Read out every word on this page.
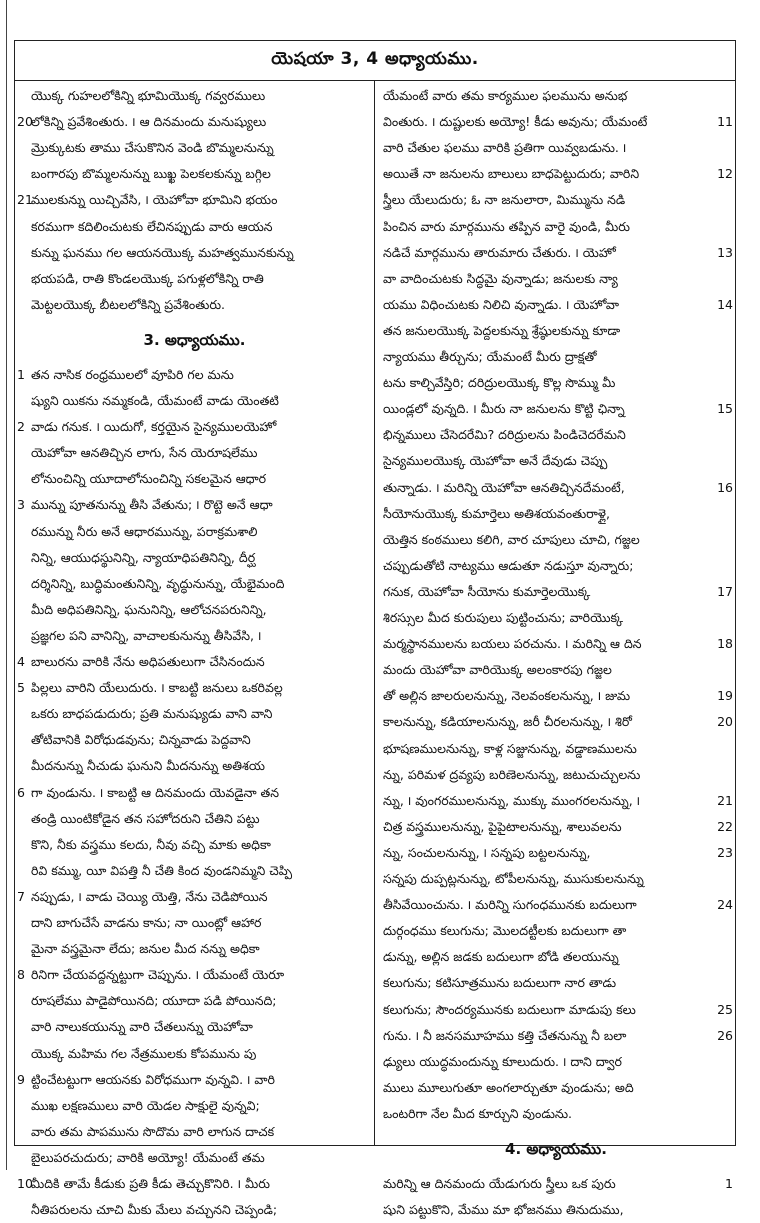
యెషయా 3, 4 అధ్యాయము.
యొక్క గుహలలోకిన్ని భూమియొక్క గవ్వరములు
లోకిన్ని ప్రవేశింతురు. ౹ ఆ దినమందు మనుష్యులు
మ్రొక్కుటకు తాము చేసుకొనిన వెండి బొమ్మలనున్ను
బంగారపు బొమ్మలనున్ను బుఖ్ఖ పెలకలకున్ను బగ్గిల
ములకున్ను యిచ్చివేసి, ౹ యెహోవా భూమిని భయం
కరముగా కదిలించుటకు లేచినప్పుడు వారు ఆయన
కున్ను ఘనము గల ఆయనయొక్క మహత్వమునకున్ను
భయపడి, రాతి కొండలయొక్క పగుళ్లలోకిన్ని రాతి
మెట్టలయొక్క బీటలలోకిన్ని ప్రవేశింతురు.
తన నాసిక రంధ్రములలో వూపిరి గల మను
ష్యుని యికను నమ్మకండి, యేమంటే వాడు యెంతటి
వాడు గనుక. ౹ యిదుగో, కర్తయైన సైన్యములయెహో
యెహోవా ఆనతిచ్చిన లాగు, సేన యెరూషలేము
లోనుంచిన్ని యూదాలోనుంచిన్ని సకలమైన ఆధార
మున్ను పూతనున్ను తీసి వేతును; ౹ రొట్టె అనే ఆధా
రమున్ను నీరు అనే ఆధారమున్ను, పరాక్రమశాలి
నిన్ని, ఆయుధస్థునిన్ని, న్యాయాధిపతినిన్ని, దీర్ఘ
దర్శినిన్ని, బుద్ధిమంతునిన్ని, వృద్ధునున్ను, యేభైమంది
మీది అధిపతినిన్ని, ఘనునిన్ని, ఆలోచనపరునిన్ని,
ప్రజ్ఞగల పని వానిన్ని, వాచాలకునున్ను తీసివేసి, ౹
బాలురను వారికి నేను అధిపతులుగా చేసినందున
పిల్లలు వారిని యేలుదురు. ౹ కాబట్టి జనులు ఒకరివల్ల
ఒకరు బాధపడుదురు; ప్రతి మనుష్యుడు వాని వాని
తోటివానికి విరోధుడవును; చిన్నవాడు పెద్దవాని
మీదనున్ను నీచుడు ఘనుని మీదనున్ను అతిశయ
గా వుండును. ౹ కాబట్టి ఆ దినమందు యెవడైనా తన
తండ్రి యింటికోడైన తన సహోదరుని చేతిని పట్టు
కొని, నీకు వస్త్రము కలదు, నీవు వచ్చి మాకు అధికా
రివి కమ్ము, యీ విపత్తి నీ చేతి కింద వుండనిమ్మని చెప్పి
నప్పుడు, ౹ వాడు చెయ్యి యెత్తి, నేను చెడిపోయిన
దాని బాగుచేసే వాడను కాను; నా యింట్లో ఆహార
మైనా వస్త్రమైనా లేదు; జనుల మీద నన్ను అధికా
రినిగా చేయవద్దన్నట్టుగా చెప్పును. ౹ యేమంటే యెరూ
రూషలేము పాడైపోయినది; యూదా పడి పోయినది;
వారి నాలుకయున్ను వారి చేతలున్ను యెహోవా
యొక్క మహిమ గల నేత్రములకు కోపమును పు
ట్టించేటట్టుగా ఆయనకు విరోధముగా వున్నవి. ౹ వారి
ముఖ లక్షణములు వారి యెడల సాక్షులై వున్నవి;
వారు తమ పాపమును సొదొమ వారి లాగున దాచక
బైలుపరచుదురు; వారికి అయ్యో! యేమంటే తమ
మీదికి తామే కీడుకు ప్రతి కీడు తెచ్చుకొనిరి. ౹ మీరు
నీతిపరులను చూచి మీకు మేలు వచ్చునని చెప్పండి;
3. అధ్యాయము.
20
21
1
2
3
4
5
6
7
8
9
10
యేమంటే వారు తమ కార్యముల ఫలమును అనుభ
వింతురు. ౹ దుష్టులకు అయ్యో! కీడు అవును; యేమంటే
వారి చేతుల ఫలము వారికి ప్రతిగా యివ్వబడును. ౹
అయితే నా జనులను బాలులు బాధపెట్టుదురు; వారిని
స్త్రీలు యేలుదురు; ఓ నా జనులారా, మిమ్మును నడి
పించిన వారు మార్గమును తప్పిన వారై వుండి, మీరు
నడిచే మార్గమును తారుమారు చేతురు. ౹ యెహో
వా వాదించుటకు సిద్ధమై వున్నాడు; జనులకు న్యా
యము విధించుటకు నిలిచి వున్నాడు. ౹ యెహోవా
తన జనులయొక్క పెద్దలకున్ను శ్రేష్ఠులకున్ను కూడా
న్యాయము తీర్చును; యేమంటే మీరు ద్రాక్షతో
టను కాల్చివేస్తిరి; దరిద్రులయొక్క కొల్ల సొమ్ము మీ
యిండ్లలో వున్నది. ౹ మీరు నా జనులను కొట్టి ఛిన్నా
భిన్నములు చేసెదరేమి? దరిద్రులను పిండిచెదరేమని
సైన్యములయొక్క యెహోవా అనే దేవుడు చెప్పు
తున్నాడు. ౹ మరిన్ని యెహోవా ఆనతిచ్చినదేమంటే,
సీయోనుయొక్క కుమార్తెలు అతిశయవంతురాళ్లై,
యెత్తిన కంఠములు కలిగి, వార చూపులు చూచి, గజ్జల
చప్పుడుతోటి నాట్యము ఆడుతూ నడుస్తూ వున్నారు;
గనుక, యెహోవా సీయోను కుమార్తెలయొక్క
శిరస్సుల మీద కురుపులు పుట్టించును; వారియొక్క
మర్మస్థానములను బయలు పరచును. ౹ మరిన్ని ఆ దిన
మందు యెహోవా వారియొక్క అలంకారపు గజ్జల
తో అల్లిన జాలరులనున్ను, నెలవంకలనున్ను, ౹ జుమ
కాలనున్ను, కడియాలనున్ను, జరీ చీరలనున్ను, ౹ శిరో
భూషణములనున్ను, కాళ్ల సజ్జునున్ను, వడ్డాణములను
న్ను, పరిమళ ద్రవ్యపు బరిణెలనున్ను, జటుచుచ్చులను
న్ను, ౹ వుంగరములనున్ను, ముక్కు ముంగరలనున్ను, ౹
చిత్ర వస్త్రములనున్ను, పైపైటాలనున్ను, శాలువలను
న్ను, సంచులనున్ను, ౹ సన్నపు బట్టలనున్ను,
సన్నపు దుప్పట్లనున్ను, టోపీలనున్ను, ముసుకులనున్ను
తీసివేయించును. ౹ మరిన్ని సుగంధమునకు బదులుగా
దుర్గంధము కలుగును; మొలదట్టీలకు బదులుగా తా
డున్ను, అల్లిన జడకు బదులుగా బోడి తలయున్ను
కలుగును; కటిసూత్రమును బదులుగా నార తాడు
కలుగును; సౌందర్యమునకు బదులుగా మాడుపు కలు
గును. ౹ నీ జనసమూహము కత్తి చేతనున్ను నీ బలా
ఢ్యులు యుద్ధమందున్ను కూలుదురు. ౹ దాని ద్వార
ములు మూలుగుతూ అంగలార్చుతూ వుండును; అది
ఒంటరిగా నేల మీద కూర్చుని వుండును.
మరిన్ని ఆ దినమందు యేడుగురు స్త్రీలు ఒక పురు
షుని పట్టుకొని, మేము మా భోజనము తినుదుము,
4. అధ్యాయము.
11
12
13
14
15
16
17
18
19
20
21
22
23
24
25
26
1
